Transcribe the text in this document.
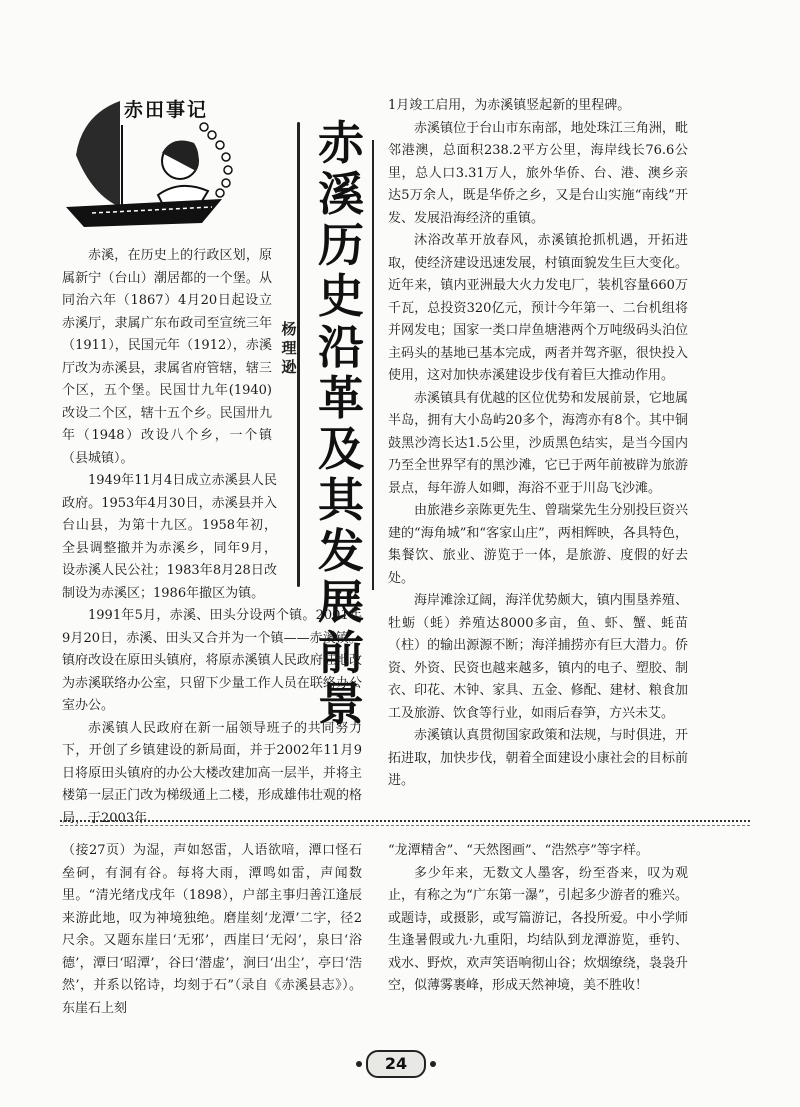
赤田事记
赤溪历史沿革及其发展前景
杨理逊

赤溪，在历史上的行政区划，原属新宁（台山）潮居都的一个堡。从同治六年（1867）4月20日起设立赤溪厅，隶属广东布政司至宣统三年（1911），民国元年（1912），赤溪厅改为赤溪县，隶属省府管辖，辖三个区，五个堡。民国廿九年(1940)改设二个区，辖十五个乡。民国卅九年（1948）改设八个乡，一个镇（县城镇）。

1949年11月4日成立赤溪县人民政府。1953年4月30日，赤溪县并入台山县，为第十九区。1958年初，全县调整撤并为赤溪乡，同年9月，设赤溪人民公社；1983年8月28日改制设为赤溪区；1986年撤区为镇。

1991年5月，赤溪、田头分设两个镇。2001年9月20日，赤溪、田头又合并为一个镇——赤溪镇。镇府改设在原田头镇府，将原赤溪镇人民政府驻地改为赤溪联络办公室，只留下少量工作人员在联络办公室办公。

赤溪镇人民政府在新一届领导班子的共同努力下，开创了乡镇建设的新局面，并于2002年11月9日将原田头镇府的办公大楼改建加高一层半，并将主楼第一层正门改为梯级通上二楼，形成雄伟壮观的格局，于2003年

1月竣工启用，为赤溪镇竖起新的里程碑。

赤溪镇位于台山市东南部，地处珠江三角洲，毗邻港澳，总面积238.2平方公里，海岸线长76.6公里，总人口3.31万人，旅外华侨、台、港、澳乡亲达5万余人，既是华侨之乡，又是台山实施“南线”开发、发展沿海经济的重镇。

沐浴改革开放春风，赤溪镇抢抓机遇，开拓进取，使经济建设迅速发展，村镇面貌发生巨大变化。近年来，镇内亚洲最大火力发电厂，装机容量660万千瓦，总投资320亿元，预计今年第一、二台机组将并网发电；国家一类口岸鱼塘港两个万吨级码头泊位主码头的基地已基本完成，两者并驾齐驱，很快投入使用，这对加快赤溪建设步伐有着巨大推动作用。

赤溪镇具有优越的区位优势和发展前景，它地属半岛，拥有大小岛屿20多个，海湾亦有8个。其中铜鼓黑沙湾长达1.5公里，沙质黑色结实，是当今国内乃至全世界罕有的黑沙滩，它已于两年前被辟为旅游景点，每年游人如卿，海浴不亚于川岛飞沙滩。

由旅港乡亲陈更先生、曾瑞棠先生分别投巨资兴建的“海角城”和“客家山庄”，两相辉映，各具特色，集餐饮、旅业、游览于一体，是旅游、度假的好去处。

海岸滩涂辽阔，海洋优势颇大，镇内围垦养殖、牡蛎（蚝）养殖达8000多亩，鱼、虾、蟹、蚝苗（柱）的输出源源不断；海洋捕捞亦有巨大潜力。侨资、外资、民资也越来越多，镇内的电子、塑胶、制衣、印花、木钟、家具、五金、修配、建材、粮食加工及旅游、饮食等行业，如雨后春笋，方兴未艾。

赤溪镇认真贯彻国家政策和法规，与时俱进，开拓进取，加快步伐，朝着全面建设小康社会的目标前进。

（接27页）为湿，声如怒雷，人语欲喑，潭口怪石垒砢，有洞有谷。每将大雨，潭鸣如雷，声闻数里。“清光绪戊戌年（1898），户部主事归善江逢辰来游此地，叹为神境独绝。磨崖刻‘龙潭’二字，径2尺余。又题东崖曰‘无邪’，西崖曰‘无闷’，泉曰‘浴德’，潭曰‘昭潭’，谷曰‘潜虚’，涧曰‘出尘’，亭曰‘浩然’，并系以铭诗，均刻于石”（录自《赤溪县志》）。东崖石上刻

“龙潭精舍”、“天然图画”、“浩然亭”等字样。

多少年来，无数文人墨客，纷至沓来，叹为观止，有称之为“广东第一瀑”，引起多少游者的雅兴。或题诗，或摄影，或写篇游记，各投所爱。中小学师生逢暑假或九·九重阳，均结队到龙潭游览，垂钓、戏水、野炊，欢声笑语响彻山谷；炊烟缭绕，袅袅升空，似薄雾裹峰，形成天然神境，美不胜收！

24
